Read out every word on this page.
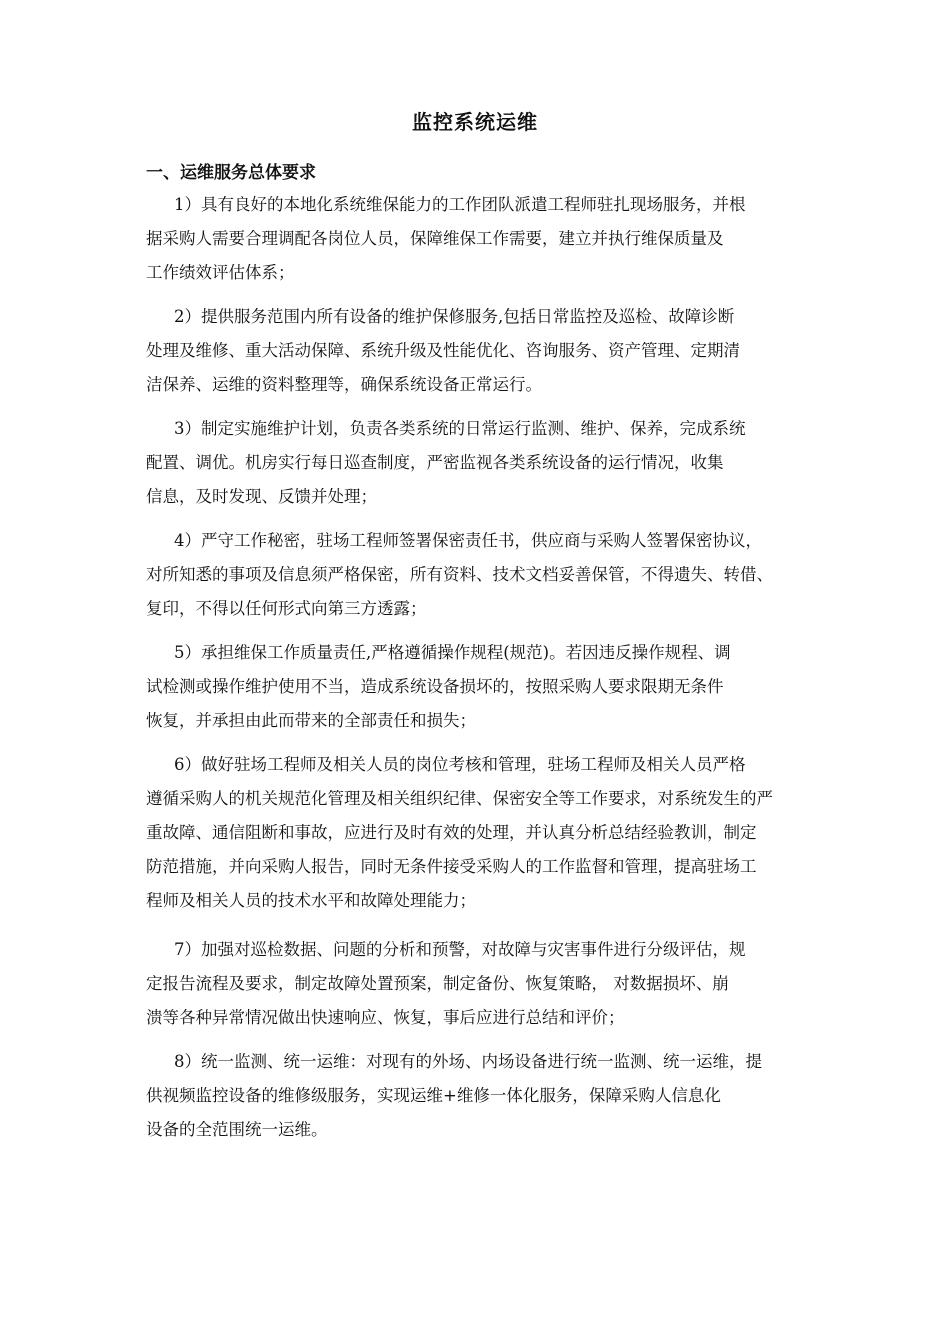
监控系统运维
一、运维服务总体要求
1）具有良好的本地化系统维保能力的工作团队派遣工程师驻扎现场服务，并根
据采购人需要合理调配各岗位人员，保障维保工作需要，建立并执行维保质量及
工作绩效评估体系；
2）提供服务范围内所有设备的维护保修服务,包括日常监控及巡检、故障诊断
处理及维修、重大活动保障、系统升级及性能优化、咨询服务、资产管理、定期清
洁保养、运维的资料整理等，确保系统设备正常运行。
3）制定实施维护计划，负责各类系统的日常运行监测、维护、保养，完成系统
配置、调优。机房实行每日巡查制度，严密监视各类系统设备的运行情况，收集
信息，及时发现、反馈并处理；
4）严守工作秘密，驻场工程师签署保密责任书，供应商与采购人签署保密协议，
对所知悉的事项及信息须严格保密，所有资料、技术文档妥善保管，不得遗失、转借、
复印，不得以任何形式向第三方透露；
5）承担维保工作质量责任,严格遵循操作规程(规范)。若因违反操作规程、调
试检测或操作维护使用不当，造成系统设备损坏的，按照采购人要求限期无条件
恢复，并承担由此而带来的全部责任和损失；
6）做好驻场工程师及相关人员的岗位考核和管理，驻场工程师及相关人员严格
遵循采购人的机关规范化管理及相关组织纪律、保密安全等工作要求，对系统发生的严
重故障、通信阻断和事故，应进行及时有效的处理，并认真分析总结经验教训，制定
防范措施，并向采购人报告，同时无条件接受采购人的工作监督和管理，提高驻场工
程师及相关人员的技术水平和故障处理能力；
7）加强对巡检数据、问题的分析和预警，对故障与灾害事件进行分级评估，规
定报告流程及要求，制定故障处置预案，制定备份、恢复策略， 对数据损坏、崩
溃等各种异常情况做出快速响应、恢复，事后应进行总结和评价；
8）统一监测、统一运维：对现有的外场、内场设备进行统一监测、统一运维，提
供视频监控设备的维修级服务，实现运维+维修一体化服务，保障采购人信息化
设备的全范围统一运维。
